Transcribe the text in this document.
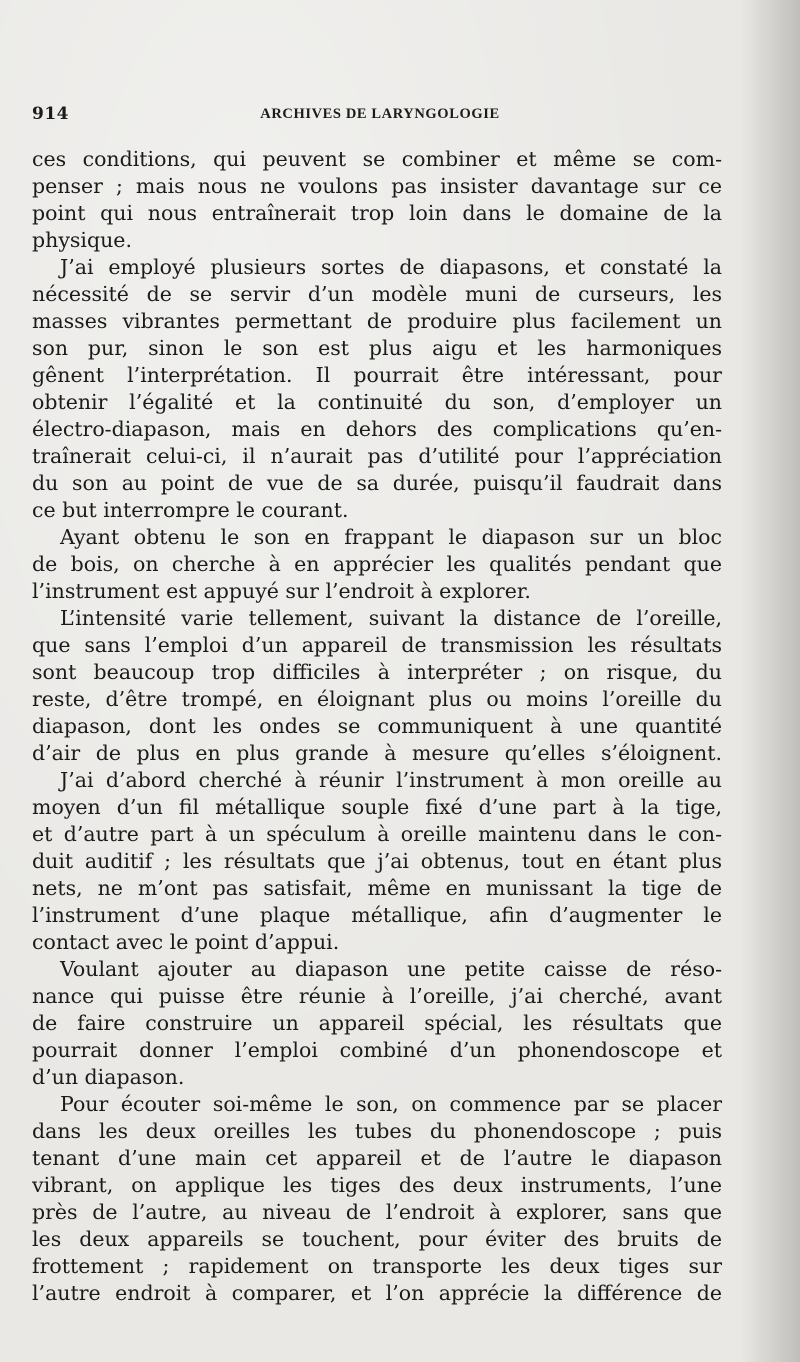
914	ARCHIVES DE LARYNGOLOGIE
ces conditions, qui peuvent se combiner et même se com-
penser ; mais nous ne voulons pas insister davantage sur ce
point qui nous entraînerait trop loin dans le domaine de la
physique.
J’ai employé plusieurs sortes de diapasons, et constaté la
nécessité de se servir d’un modèle muni de curseurs, les
masses vibrantes permettant de produire plus facilement un
son pur, sinon le son est plus aigu et les harmoniques
gênent l’interprétation. Il pourrait être intéressant, pour
obtenir l’égalité et la continuité du son, d’employer un
électro-diapason, mais en dehors des complications qu’en-
traînerait celui-ci, il n’aurait pas d’utilité pour l’appréciation
du son au point de vue de sa durée, puisqu’il faudrait dans
ce but interrompre le courant.
Ayant obtenu le son en frappant le diapason sur un bloc
de bois, on cherche à en apprécier les qualités pendant que
l’instrument est appuyé sur l’endroit à explorer.
L’intensité varie tellement, suivant la distance de l’oreille,
que sans l’emploi d’un appareil de transmission les résultats
sont beaucoup trop difficiles à interpréter ; on risque, du
reste, d’être trompé, en éloignant plus ou moins l’oreille du
diapason, dont les ondes se communiquent à une quantité
d’air de plus en plus grande à mesure qu’elles s’éloignent.
J’ai d’abord cherché à réunir l’instrument à mon oreille au
moyen d’un fil métallique souple fixé d’une part à la tige,
et d’autre part à un spéculum à oreille maintenu dans le con-
duit auditif ; les résultats que j’ai obtenus, tout en étant plus
nets, ne m’ont pas satisfait, même en munissant la tige de
l’instrument d’une plaque métallique, afin d’augmenter le
contact avec le point d’appui.
Voulant ajouter au diapason une petite caisse de réso-
nance qui puisse être réunie à l’oreille, j’ai cherché, avant
de faire construire un appareil spécial, les résultats que
pourrait donner l’emploi combiné d’un phonendoscope et
d’un diapason.
Pour écouter soi-même le son, on commence par se placer
dans les deux oreilles les tubes du phonendoscope ; puis
tenant d’une main cet appareil et de l’autre le diapason
vibrant, on applique les tiges des deux instruments, l’une
près de l’autre, au niveau de l’endroit à explorer, sans que
les deux appareils se touchent, pour éviter des bruits de
frottement ; rapidement on transporte les deux tiges sur
l’autre endroit à comparer, et l’on apprécie la différence de
